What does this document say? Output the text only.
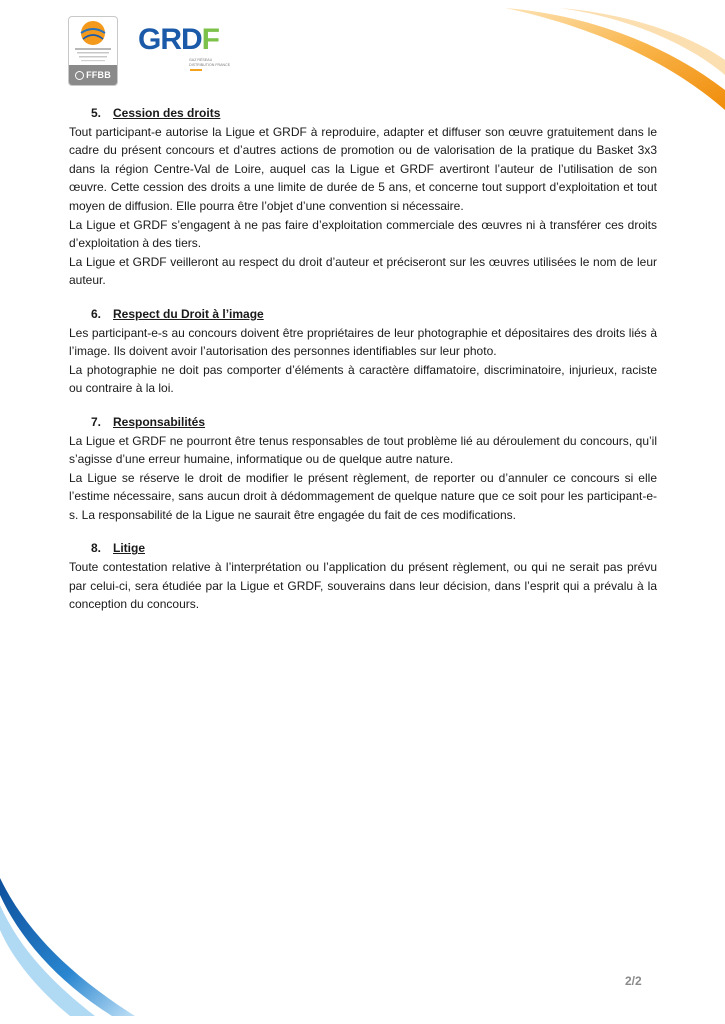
FFBB
GRDF
GAZ RÉSEAU DISTRIBUTION FRANCE
5. Cession des droits

Tout participant-e autorise la Ligue et GRDF à reproduire, adapter et diffuser son œuvre gratuitement dans le cadre du présent concours et d’autres actions de promotion ou de valorisation de la pratique du Basket 3x3 dans la région Centre-Val de Loire, auquel cas la Ligue et GRDF avertiront l’auteur de l’utilisation de son œuvre. Cette cession des droits a une limite de durée de 5 ans, et concerne tout support d’exploitation et tout moyen de diffusion. Elle pourra être l’objet d’une convention si nécessaire.

La Ligue et GRDF s’engagent à ne pas faire d’exploitation commerciale des œuvres ni à transférer ces droits d’exploitation à des tiers.

La Ligue et GRDF veilleront au respect du droit d’auteur et préciseront sur les œuvres utilisées le nom de leur auteur.

6. Respect du Droit à l’image

Les participant-e-s au concours doivent être propriétaires de leur photographie et dépositaires des droits liés à l’image. Ils doivent avoir l’autorisation des personnes identifiables sur leur photo.

La photographie ne doit pas comporter d’éléments à caractère diffamatoire, discriminatoire, injurieux, raciste ou contraire à la loi.

7. Responsabilités

La Ligue et GRDF ne pourront être tenus responsables de tout problème lié au déroulement du concours, qu’il s’agisse d’une erreur humaine, informatique ou de quelque autre nature.

La Ligue se réserve le droit de modifier le présent règlement, de reporter ou d’annuler ce concours si elle l’estime nécessaire, sans aucun droit à dédommagement de quelque nature que ce soit pour les participant-e-s. La responsabilité de la Ligue ne saurait être engagée du fait de ces modifications.

8. Litige

Toute contestation relative à l’interprétation ou l’application du présent règlement, ou qui ne serait pas prévu par celui-ci, sera étudiée par la Ligue et GRDF, souverains dans leur décision, dans l’esprit qui a prévalu à la conception du concours.

2/2
